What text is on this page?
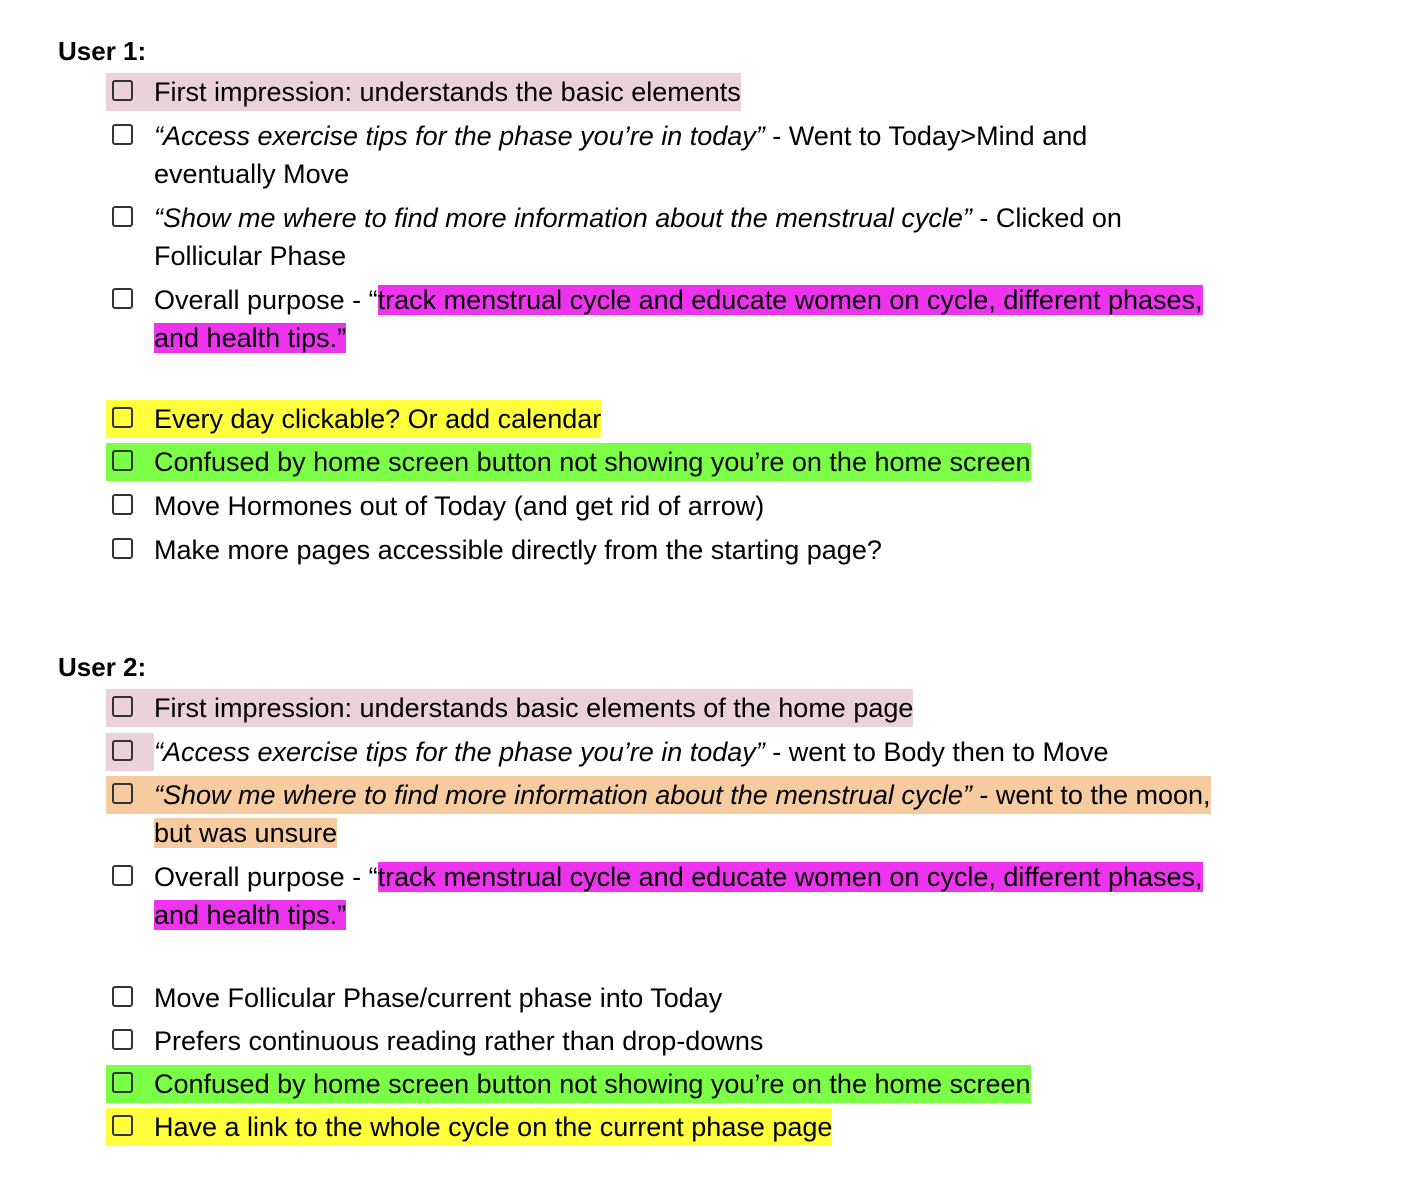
User 1:
First impression: understands the basic elements
“Access exercise tips for the phase you’re in today” - Went to Today>Mind and
eventually Move
“Show me where to find more information about the menstrual cycle” - Clicked on
Follicular Phase
Overall purpose - “track menstrual cycle and educate women on cycle, different phases,
and health tips.”
Every day clickable? Or add calendar
Confused by home screen button not showing you’re on the home screen
Move Hormones out of Today (and get rid of arrow)
Make more pages accessible directly from the starting page?
User 2:
First impression: understands basic elements of the home page
“Access exercise tips for the phase you’re in today” - went to Body then to Move
“Show me where to find more information about the menstrual cycle” - went to the moon,
but was unsure
Overall purpose - “track menstrual cycle and educate women on cycle, different phases,
and health tips.”
Move Follicular Phase/current phase into Today
Prefers continuous reading rather than drop-downs
Confused by home screen button not showing you’re on the home screen
Have a link to the whole cycle on the current phase page
